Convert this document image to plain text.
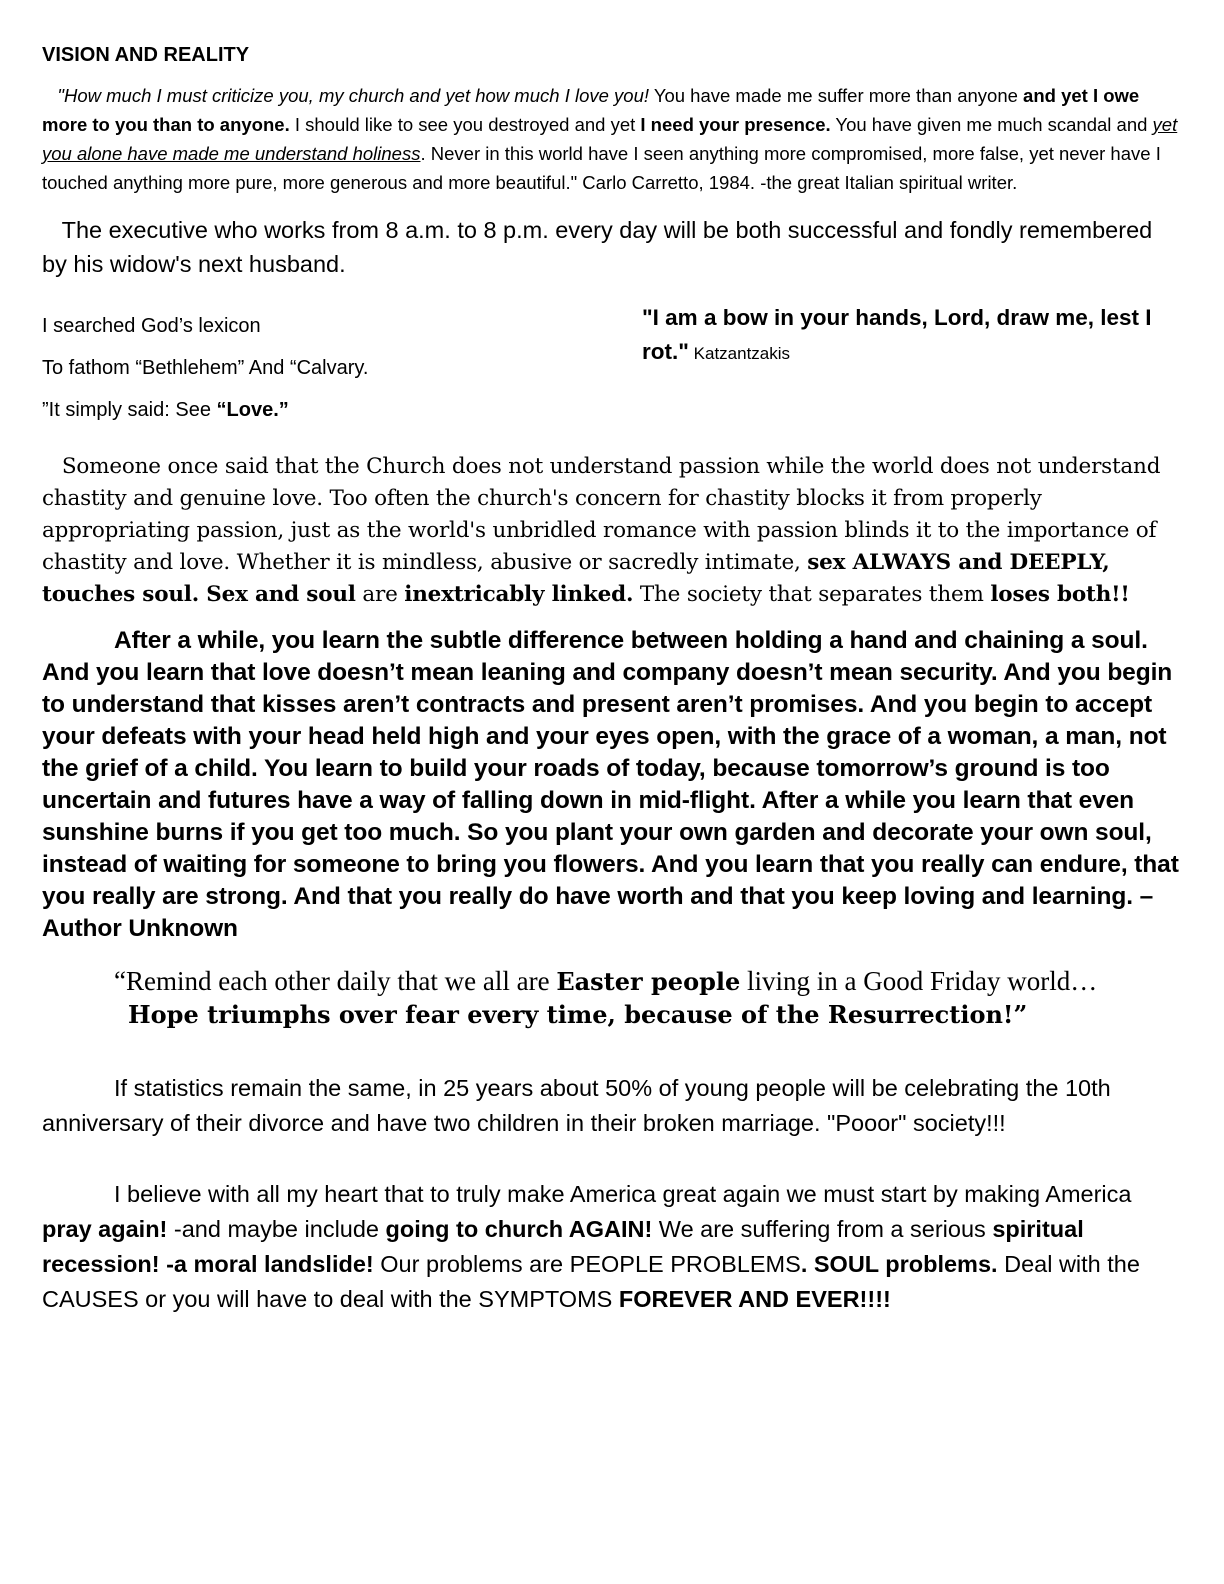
VISION AND REALITY

"How much I must criticize you, my church and yet how much I love you! You have made me suffer more than anyone and yet I owe more to you than to anyone. I should like to see you destroyed and yet I need your presence. You have given me much scandal and yet you alone have made me understand holiness. Never in this world have I seen anything more compromised, more false, yet never have I touched anything more pure, more generous and more beautiful." Carlo Carretto, 1984. -the great Italian spiritual writer.

The executive who works from 8 a.m. to 8 p.m. every day will be both successful and fondly remembered by his widow's next husband.

I searched God’s lexicon
To fathom “Bethlehem” And “Calvary.
”It simply said: See “Love.”
"I am a bow in your hands, Lord, draw me, lest I rot." Katzantzakis

Someone once said that the Church does not understand passion while the world does not understand chastity and genuine love. Too often the church's concern for chastity blocks it from properly appropriating passion, just as the world's unbridled romance with passion blinds it to the importance of chastity and love. Whether it is mindless, abusive or sacredly intimate, sex ALWAYS and DEEPLY, touches soul. Sex and soul are inextricably linked. The society that separates them loses both!!

After a while, you learn the subtle difference between holding a hand and chaining a soul. And you learn that love doesn’t mean leaning and company doesn’t mean security. And you begin to understand that kisses aren’t contracts and present aren’t promises. And you begin to accept your defeats with your head held high and your eyes open, with the grace of a woman, a man, not the grief of a child. You learn to build your roads of today, because tomorrow’s ground is too uncertain and futures have a way of falling down in mid-flight. After a while you learn that even sunshine burns if you get too much. So you plant your own garden and decorate your own soul, instead of waiting for someone to bring you flowers. And you learn that you really can endure, that you really are strong. And that you really do have worth and that you keep loving and learning. – Author Unknown

“Remind each other daily that we all are Easter people living in a Good Friday world…Hope triumphs over fear every time, because of the Resurrection!”

If statistics remain the same, in 25 years about 50% of young people will be celebrating the 10th anniversary of their divorce and have two children in their broken marriage. "Pooor" society!!!

I believe with all my heart that to truly make America great again we must start by making America pray again! -and maybe include going to church AGAIN! We are suffering from a serious spiritual recession! -a moral landslide! Our problems are PEOPLE PROBLEMS. SOUL problems. Deal with the CAUSES or you will have to deal with the SYMPTOMS FOREVER AND EVER!!!!
